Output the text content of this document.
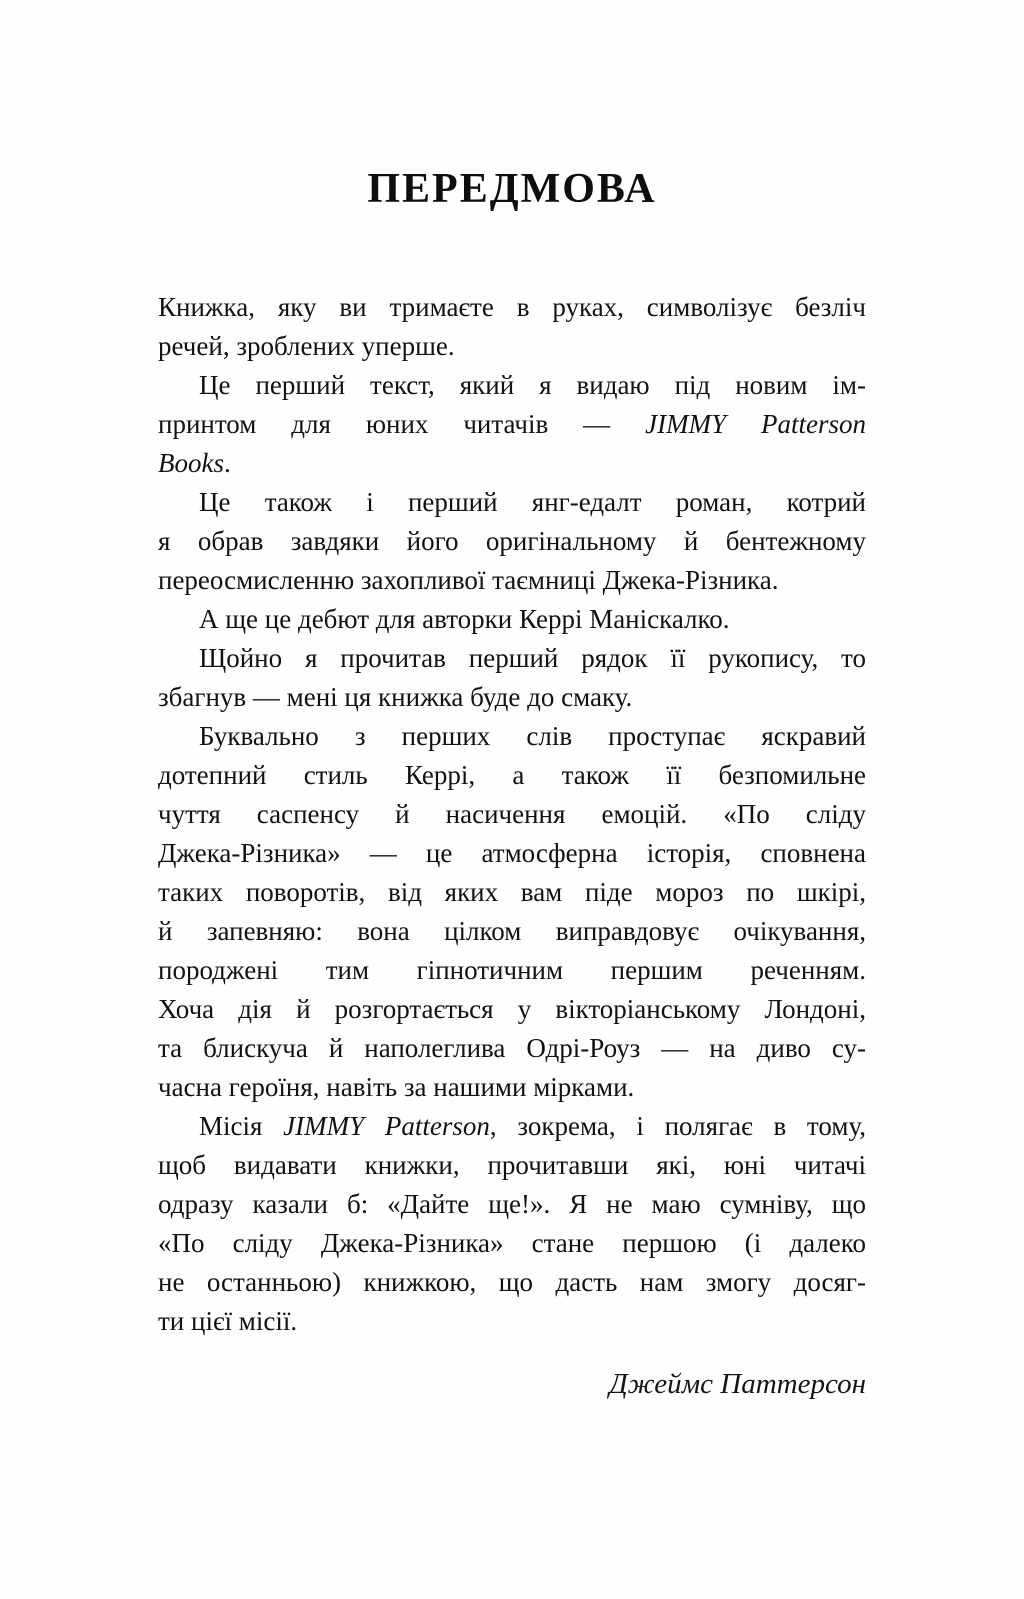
ПЕРЕДМОВА
Книжка, яку ви тримаєте в руках, символізує безліч
речей, зроблених уперше.
Це перший текст, який я видаю під новим ім-
принтом для юних читачів — JIMMY Patterson
Books.
Це також і перший янг-едалт роман, котрий
я обрав завдяки його оригінальному й бентежному
переосмисленню захопливої таємниці Джека-Різника.
А ще це дебют для авторки Керрі Маніскалко.
Щойно я прочитав перший рядок її рукопису, то
збагнув — мені ця книжка буде до смаку.
Буквально з перших слів проступає яскравий
дотепний стиль Керрі, а також її безпомильне
чуття саспенсу й насичення емоцій. «По сліду
Джека-Різника» — це атмосферна історія, сповнена
таких поворотів, від яких вам піде мороз по шкірі,
й запевняю: вона цілком виправдовує очікування,
породжені тим гіпнотичним першим реченням.
Хоча дія й розгортається у вікторіанському Лондоні,
та блискуча й наполеглива Одрі-Роуз — на диво су-
часна героїня, навіть за нашими мірками.
Місія JIMMY Patterson, зокрема, і полягає в тому,
щоб видавати книжки, прочитавши які, юні читачі
одразу казали б: «Дайте ще!». Я не маю сумніву, що
«По сліду Джека-Різника» стане першою (і далеко
не останньою) книжкою, що дасть нам змогу досяг-
ти цієї місії.
Джеймс Паттерсон
